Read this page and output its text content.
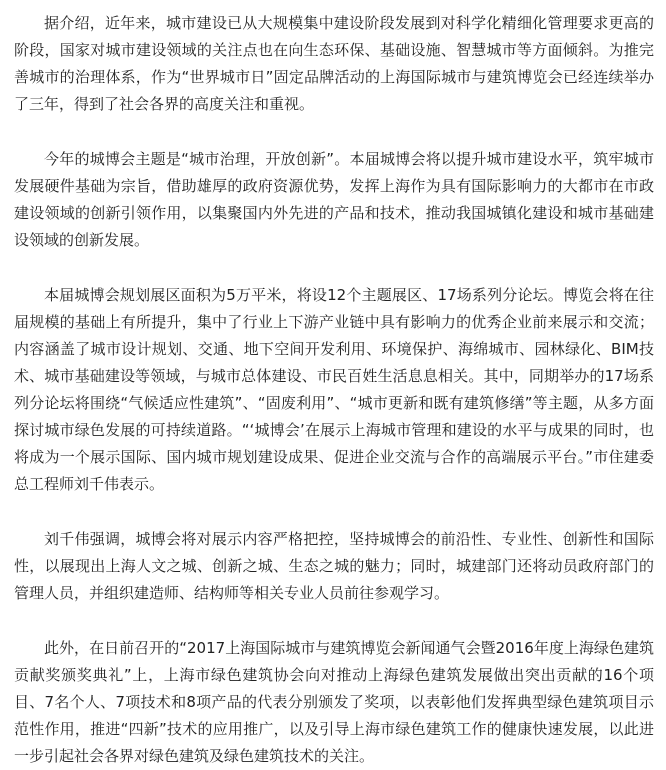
据介绍，近年来，城市建设已从大规模集中建设阶段发展到对科学化精细化管理要求更高的阶段，国家对城市建设领域的关注点也在向生态环保、基础设施、智慧城市等方面倾斜。为推完善城市的治理体系，作为“世界城市日”固定品牌活动的上海国际城市与建筑博览会已经连续举办了三年，得到了社会各界的高度关注和重视。

今年的城博会主题是“城市治理，开放创新”。本届城博会将以提升城市建设水平，筑牢城市发展硬件基础为宗旨，借助雄厚的政府资源优势，发挥上海作为具有国际影响力的大都市在市政建设领域的创新引领作用，以集聚国内外先进的产品和技术，推动我国城镇化建设和城市基础建设领域的创新发展。

本届城博会规划展区面积为5万平米，将设12个主题展区、17场系列分论坛。博览会将在往届规模的基础上有所提升，集中了行业上下游产业链中具有影响力的优秀企业前来展示和交流；内容涵盖了城市设计规划、交通、地下空间开发利用、环境保护、海绵城市、园林绿化、BIM技术、城市基础建设等领域，与城市总体建设、市民百姓生活息息相关。其中，同期举办的17场系列分论坛将围绕“气候适应性建筑”、“固废利用”、“城市更新和既有建筑修缮”等主题，从多方面探讨城市绿色发展的可持续道路。“‘城博会’在展示上海城市管理和建设的水平与成果的同时，也将成为一个展示国际、国内城市规划建设成果、促进企业交流与合作的高端展示平台。”市住建委总工程师刘千伟表示。

刘千伟强调，城博会将对展示内容严格把控，坚持城博会的前沿性、专业性、创新性和国际性，以展现出上海人文之城、创新之城、生态之城的魅力；同时，城建部门还将动员政府部门的管理人员，并组织建造师、结构师等相关专业人员前往参观学习。

此外，在日前召开的“2017上海国际城市与建筑博览会新闻通气会暨2016年度上海绿色建筑贡献奖颁奖典礼”上，上海市绿色建筑协会向对推动上海绿色建筑发展做出突出贡献的16个项目、7名个人、7项技术和8项产品的代表分别颁发了奖项，以表彰他们发挥典型绿色建筑项目示范性作用，推进“四新”技术的应用推广，以及引导上海市绿色建筑工作的健康快速发展，以此进一步引起社会各界对绿色建筑及绿色建筑技术的关注。
